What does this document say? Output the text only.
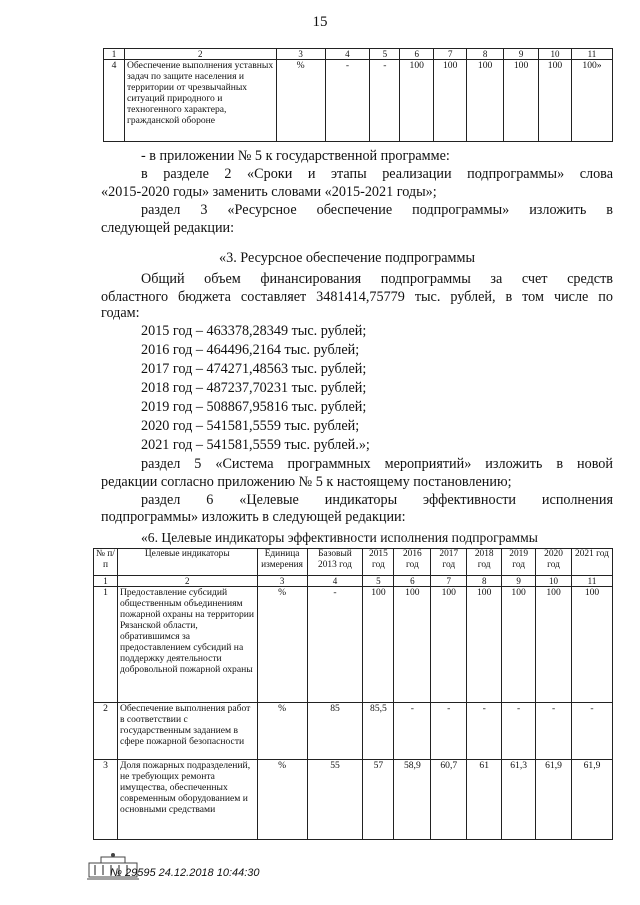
15
1	2	3	4	5	6	7	8	9	10	11
4	Обеспечение выполнения уставных задач по защите населения и территории от чрезвычайных ситуаций природного и техногенного характера, гражданской обороне	%	-	-	100	100	100	100	100	100»
- в приложении № 5 к государственной программе:
в разделе 2 «Сроки и этапы реализации подпрограммы» слова
«2015-2020 годы» заменить словами «2015-2021 годы»;
раздел 3 «Ресурсное обеспечение подпрограммы» изложить в
следующей редакции:
«3. Ресурсное обеспечение подпрограммы
Общий объем финансирования подпрограммы за счет средств
областного бюджета составляет 3481414,75779 тыс. рублей, в том числе по
годам:
2015 год – 463378,28349 тыс. рублей;
2016 год – 464496,2164 тыс. рублей;
2017 год – 474271,48563 тыс. рублей;
2018 год – 487237,70231 тыс. рублей;
2019 год – 508867,95816 тыс. рублей;
2020 год – 541581,5559 тыс. рублей;
2021 год – 541581,5559 тыс. рублей.»;
раздел 5 «Система программных мероприятий» изложить в новой
редакции согласно приложению № 5 к настоящему постановлению;
раздел 6 «Целевые индикаторы эффективности исполнения
подпрограммы» изложить в следующей редакции:
«6. Целевые индикаторы эффективности исполнения подпрограммы
№ п/п	Целевые индикаторы	Единица измерения	Базовый 2013 год	2015 год	2016 год	2017 год	2018 год	2019 год	2020 год	2021 год
1	2	3	4	5	6	7	8	9	10	11
1	Предоставление субсидий общественным объединениям пожарной охраны на территории Рязанской области, обратившимся за предоставлением субсидий на поддержку деятельности добровольной пожарной охраны	%	-	100	100	100	100	100	100	100
2	Обеспечение выполнения работ в соответствии с государственным заданием в сфере пожарной безопасности	%	85	85,5	-	-	-	-	-	-
3	Доля пожарных подразделений, не требующих ремонта имущества, обеспеченных современным оборудованием и основными средствами	%	55	57	58,9	60,7	61	61,3	61,9	61,9
№ 29595 24.12.2018 10:44:30
